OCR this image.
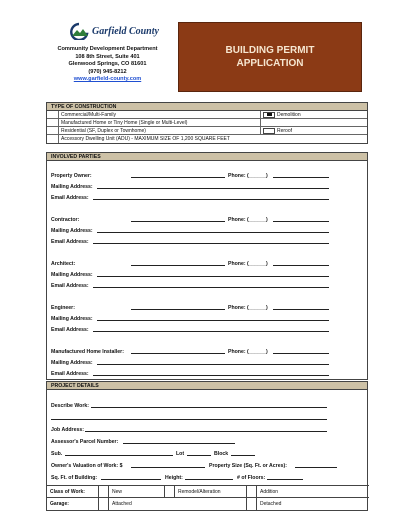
Garfield County
Community Development Department
108 8th Street, Suite 401
Glenwood Springs, CO 81601
(970) 945-8212
www.garfield-county.com
BUILDING PERMIT
APPLICATION
TYPE OF CONSTRUCTION
Commercial/Multi-Family	Demolition
Manufactured Home or Tiny Home (Single or Multi-Level)
Residential (SF, Duplex or Townhome)	Reroof
Accessory Dwelling Unit (ADU) - MAXIMUM SIZE OF 1,200 SQUARE FEET
INVOLVED PARTIES
Property Owner:	Phone: (______)
Mailing Address:
Email Address:
Contractor:	Phone: (______)
Mailing Address:
Email Address:
Architect:	Phone: (______)
Mailing Address:
Email Address:
Engineer:	Phone: (______)
Mailing Address:
Email Address:
Manufactured Home Installer:	Phone: (______)
Mailing Address:
Email Address:
PROJECT DETAILS
Describe Work:
Job Address:
Assessor's Parcel Number:
Sub.	Lot	Block
Owner's Valuation of Work: $	Property Size (Sq. Ft. or Acres):
Sq. Ft. of Building:	Height:	# of Floors:
Class of Work:	New	Remodel/Alteration	Addition
Garage:	Attached	Detached
